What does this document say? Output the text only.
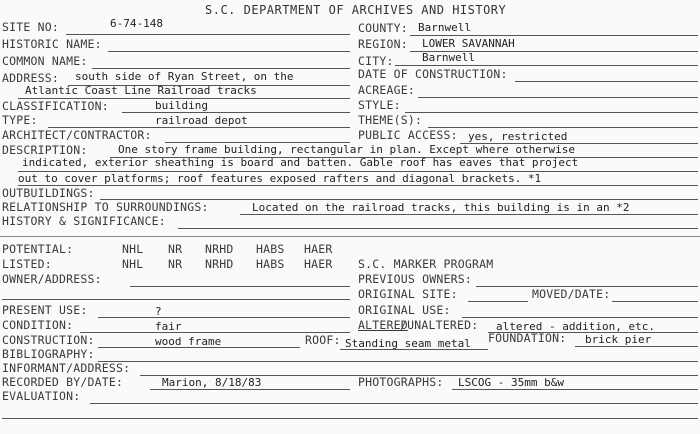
S.C. DEPARTMENT OF ARCHIVES AND HISTORY
SITE NO:	6-74-148
HISTORIC NAME:
COMMON NAME:
ADDRESS: south side of Ryan Street, on the
Atlantic Coast Line Railroad tracks
CLASSIFICATION:	building
TYPE:	railroad depot
ARCHITECT/CONTRACTOR:
DESCRIPTION:	One story frame building, rectangular in plan. Except where otherwise
indicated, exterior sheathing is board and batten. Gable roof has eaves that project
out to cover platforms; roof features exposed rafters and diagonal brackets. *1
OUTBUILDINGS:
RELATIONSHIP TO SURROUNDINGS:	Located on the railroad tracks, this building is in an *2
HISTORY & SIGNIFICANCE:
COUNTY: Barnwell
REGION: LOWER SAVANNAH
CITY:	Barnwell
DATE OF CONSTRUCTION:
ACREAGE:
STYLE:
THEME(S):
PUBLIC ACCESS: yes, restricted
POTENTIAL:	NHL NR NRHD HABS HAER
LISTED:	NHL NR NRHD HABS HAER
OWNER/ADDRESS:
S.C. MARKER PROGRAM
PREVIOUS OWNERS:
ORIGINAL SITE:	MOVED/DATE:
PRESENT USE:	?	ORIGINAL USE:
CONDITION:	fair	ALTERED
/UNALTERED: altered - addition, etc.
CONSTRUCTION:	wood frame	ROOF: Standing seam metal FOUNDATION: brick pier
BIBLIOGRAPHY:
INFORMANT/ADDRESS:
RECORDED BY/DATE:	Marion, 8/18/83	PHOTOGRAPHS: LSCOG - 35mm b&w
EVALUATION:
